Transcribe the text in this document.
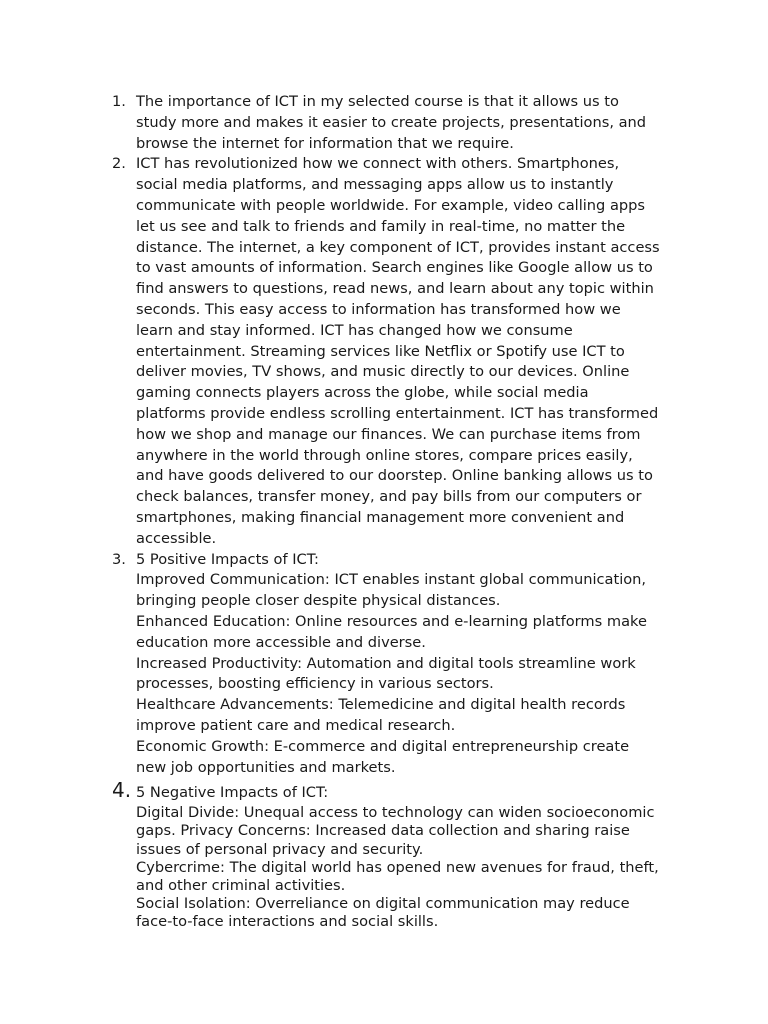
1. The importance of ICT in my selected course is that it allows us to
study more and makes it easier to create projects, presentations, and
browse the internet for information that we require.
2. ICT has revolutionized how we connect with others. Smartphones,
social media platforms, and messaging apps allow us to instantly
communicate with people worldwide. For example, video calling apps
let us see and talk to friends and family in real-time, no matter the
distance. The internet, a key component of ICT, provides instant access
to vast amounts of information. Search engines like Google allow us to
find answers to questions, read news, and learn about any topic within
seconds. This easy access to information has transformed how we
learn and stay informed. ICT has changed how we consume
entertainment. Streaming services like Netflix or Spotify use ICT to
deliver movies, TV shows, and music directly to our devices. Online
gaming connects players across the globe, while social media
platforms provide endless scrolling entertainment. ICT has transformed
how we shop and manage our finances. We can purchase items from
anywhere in the world through online stores, compare prices easily,
and have goods delivered to our doorstep. Online banking allows us to
check balances, transfer money, and pay bills from our computers or
smartphones, making financial management more convenient and
accessible.
3. 5 Positive Impacts of ICT:
Improved Communication: ICT enables instant global communication,
bringing people closer despite physical distances.
Enhanced Education: Online resources and e-learning platforms make
education more accessible and diverse.
Increased Productivity: Automation and digital tools streamline work
processes, boosting efficiency in various sectors.
Healthcare Advancements: Telemedicine and digital health records
improve patient care and medical research.
Economic Growth: E-commerce and digital entrepreneurship create
new job opportunities and markets.
4. 5 Negative Impacts of ICT:
Digital Divide: Unequal access to technology can widen socioeconomic
gaps. Privacy Concerns: Increased data collection and sharing raise
issues of personal privacy and security.
Cybercrime: The digital world has opened new avenues for fraud, theft,
and other criminal activities.
Social Isolation: Overreliance on digital communication may reduce
face-to-face interactions and social skills.
